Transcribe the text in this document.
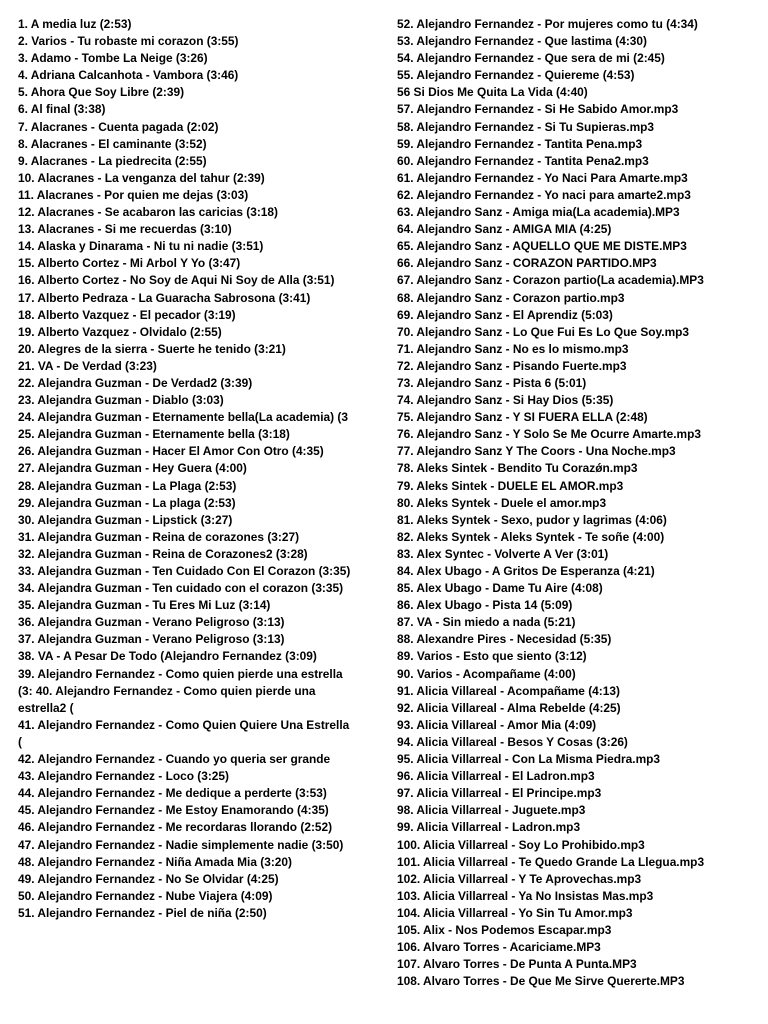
1. A media luz (2:53)
2. Varios - Tu robaste mi corazon (3:55)
3. Adamo - Tombe La Neige (3:26)
4. Adriana Calcanhota - Vambora (3:46)
5. Ahora Que Soy Libre (2:39)
6. Al final (3:38)
7. Alacranes - Cuenta pagada (2:02)
8. Alacranes - El caminante (3:52)
9. Alacranes - La piedrecita (2:55)
10. Alacranes - La venganza del tahur (2:39)
11. Alacranes - Por quien me dejas (3:03)
12. Alacranes - Se acabaron las caricias (3:18)
13. Alacranes - Si me recuerdas (3:10)
14. Alaska y Dinarama - Ni tu ni nadie (3:51)
15. Alberto Cortez - Mi Arbol Y Yo (3:47)
16. Alberto Cortez - No Soy de Aqui Ni Soy de Alla (3:51)
17. Alberto Pedraza - La Guaracha Sabrosona (3:41)
18. Alberto Vazquez - El pecador (3:19)
19. Alberto Vazquez - Olvidalo (2:55)
20. Alegres de la sierra - Suerte he tenido (3:21)
21. VA - De Verdad (3:23)
22. Alejandra Guzman - De Verdad2 (3:39)
23. Alejandra Guzman - Diablo (3:03)
24. Alejandra Guzman - Eternamente bella(La academia) (3
25. Alejandra Guzman - Eternamente bella (3:18)
26. Alejandra Guzman - Hacer El Amor Con Otro (4:35)
27. Alejandra Guzman - Hey Guera (4:00)
28. Alejandra Guzman - La Plaga (2:53)
29. Alejandra Guzman - La plaga (2:53)
30. Alejandra Guzman - Lipstick (3:27)
31. Alejandra Guzman - Reina de corazones (3:27)
32. Alejandra Guzman - Reina de Corazones2 (3:28)
33. Alejandra Guzman - Ten Cuidado Con El Corazon (3:35)
34. Alejandra Guzman - Ten cuidado con el corazon (3:35)
35. Alejandra Guzman - Tu Eres Mi Luz (3:14)
36. Alejandra Guzman - Verano Peligroso (3:13)
37. Alejandra Guzman - Verano Peligroso (3:13)
38. VA - A Pesar De Todo (Alejandro Fernandez (3:09)
39. Alejandro Fernandez - Como quien pierde una estrella (3: 40. Alejandro Fernandez - Como quien pierde una estrella2 (
41. Alejandro Fernandez - Como Quien Quiere Una Estrella (
42. Alejandro Fernandez - Cuando yo queria ser grande
43. Alejandro Fernandez - Loco (3:25)
44. Alejandro Fernandez - Me dedique a perderte (3:53)
45. Alejandro Fernandez - Me Estoy Enamorando (4:35)
46. Alejandro Fernandez - Me recordaras llorando (2:52)
47. Alejandro Fernandez - Nadie simplemente nadie (3:50)
48. Alejandro Fernandez - Niña Amada Mia (3:20)
49. Alejandro Fernandez - No Se Olvidar (4:25)
50. Alejandro Fernandez - Nube Viajera (4:09)
51. Alejandro Fernandez - Piel de niña (2:50)
52. Alejandro Fernandez - Por mujeres como tu (4:34)
53. Alejandro Fernandez - Que lastima (4:30)
54. Alejandro Fernandez - Que sera de mi (2:45)
55. Alejandro Fernandez - Quiereme (4:53)
56 Si Dios Me Quita La Vida (4:40)
57. Alejandro Fernandez - Si He Sabido Amor.mp3
58. Alejandro Fernandez - Si Tu Supieras.mp3
59. Alejandro Fernandez - Tantita Pena.mp3
60. Alejandro Fernandez - Tantita Pena2.mp3
61. Alejandro Fernandez - Yo Naci Para Amarte.mp3
62. Alejandro Fernandez - Yo naci para amarte2.mp3
63. Alejandro Sanz - Amiga mia(La academia).MP3
64. Alejandro Sanz - AMIGA MIA (4:25)
65. Alejandro Sanz - AQUELLO QUE ME DISTE.MP3
66. Alejandro Sanz - CORAZON PARTIDO.MP3
67. Alejandro Sanz - Corazon partio(La academia).MP3
68. Alejandro Sanz - Corazon partio.mp3
69. Alejandro Sanz - El Aprendiz (5:03)
70. Alejandro Sanz - Lo Que Fui Es Lo Que Soy.mp3
71. Alejandro Sanz - No es lo mismo.mp3
72. Alejandro Sanz - Pisando Fuerte.mp3
73. Alejandro Sanz - Pista 6 (5:01)
74. Alejandro Sanz - Si Hay Dios (5:35)
75. Alejandro Sanz - Y SI FUERA ELLA (2:48)
76. Alejandro Sanz - Y Solo Se Me Ocurre Amarte.mp3
77. Alejandro Sanz Y The Coors - Una Noche.mp3
78. Aleks Sintek - Bendito Tu Corazǿn.mp3
79. Aleks Sintek - DUELE EL AMOR.mp3
80. Aleks Syntek - Duele el amor.mp3
81. Aleks Syntek - Sexo, pudor y lagrimas (4:06)
82. Aleks Syntek - Aleks Syntek - Te soñe (4:00)
83. Alex Syntec - Volverte A Ver (3:01)
84. Alex Ubago - A Gritos De Esperanza (4:21)
85. Alex Ubago - Dame Tu Aire (4:08)
86. Alex Ubago - Pista 14 (5:09)
87. VA - Sin miedo a nada (5:21)
88. Alexandre Pires - Necesidad (5:35)
89. Varios - Esto que siento (3:12)
90. Varios - Acompañame (4:00)
91. Alicia Villareal - Acompañame (4:13)
92. Alicia Villareal - Alma Rebelde (4:25)
93. Alicia Villareal - Amor Mia (4:09)
94. Alicia Villareal - Besos Y Cosas (3:26)
95. Alicia Villarreal - Con La Misma Piedra.mp3
96. Alicia Villarreal - El Ladron.mp3
97. Alicia Villarreal - El Principe.mp3
98. Alicia Villarreal - Juguete.mp3
99. Alicia Villarreal - Ladron.mp3
100. Alicia Villarreal - Soy Lo Prohibido.mp3
101. Alicia Villarreal - Te Quedo Grande La Llegua.mp3
102. Alicia Villarreal - Y Te Aprovechas.mp3
103. Alicia Villarreal - Ya No Insistas Mas.mp3
104. Alicia Villarreal - Yo Sin Tu Amor.mp3
105. Alix - Nos Podemos Escapar.mp3
106. Alvaro Torres - Acariciame.MP3
107. Alvaro Torres - De Punta A Punta.MP3
108. Alvaro Torres - De Que Me Sirve Quererte.MP3
